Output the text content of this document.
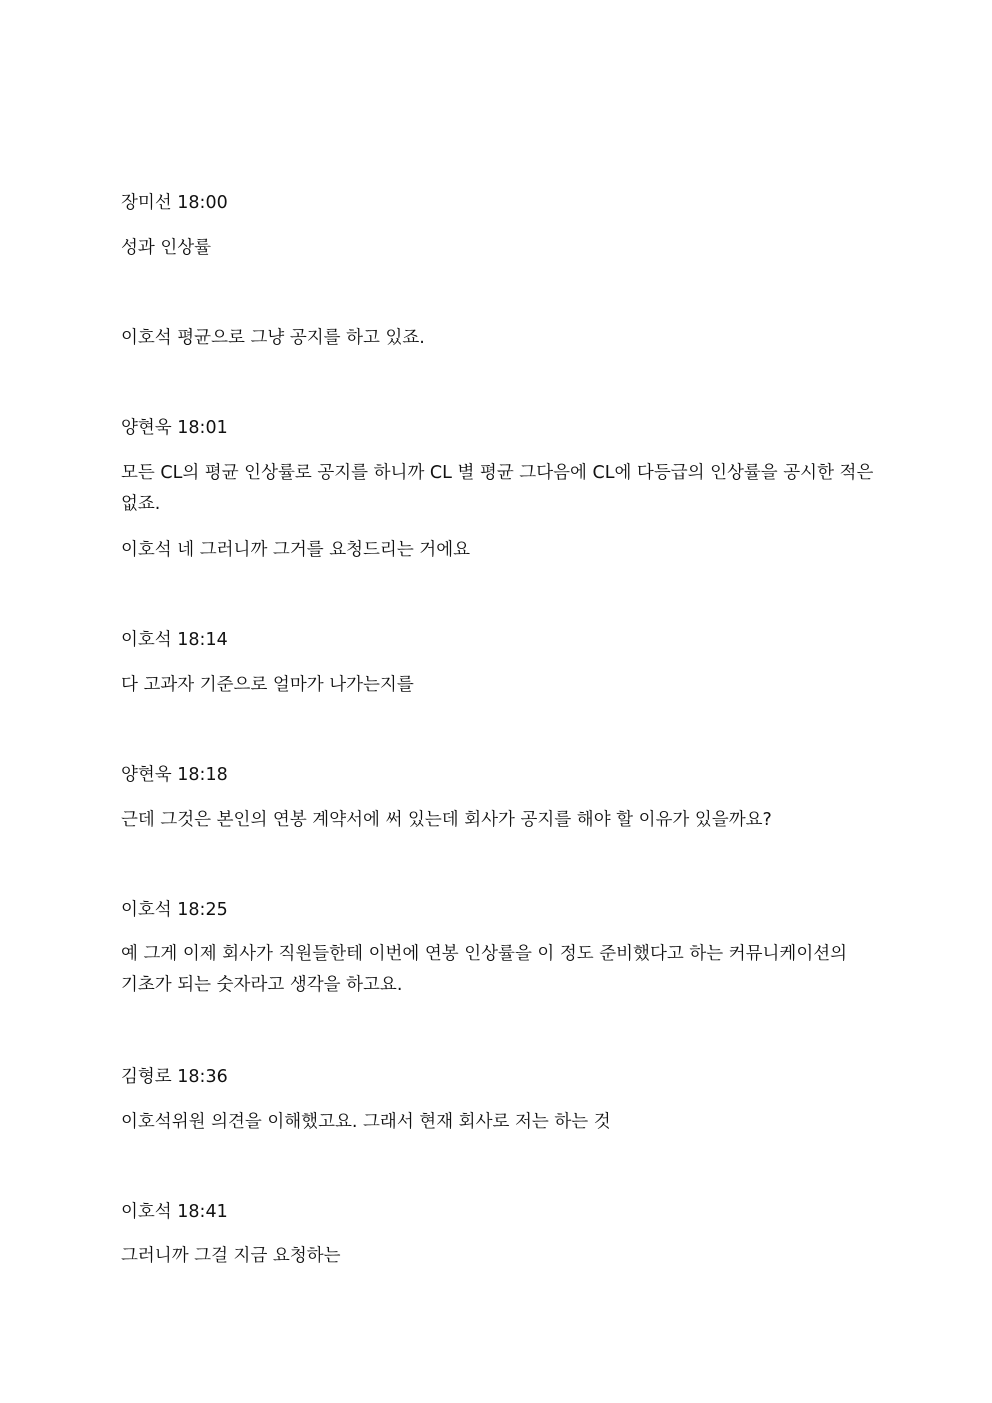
장미선 18:00
성과 인상률
이호석 평균으로 그냥 공지를 하고 있죠.
양현욱 18:01
모든 CL의 평균 인상률로 공지를 하니까 CL 별 평균 그다음에 CL에 다등급의 인상률을 공시한 적은 없죠.
이호석 네 그러니까 그거를 요청드리는 거에요
이호석 18:14
다 고과자 기준으로 얼마가 나가는지를
양현욱 18:18
근데 그것은 본인의 연봉 계약서에 써 있는데 회사가 공지를 해야 할 이유가 있을까요?
이호석 18:25
예 그게 이제 회사가 직원들한테 이번에 연봉 인상률을 이 정도 준비했다고 하는 커뮤니케이션의 기초가 되는 숫자라고 생각을 하고요.
김형로 18:36
이호석위원 의견을 이해했고요. 그래서 현재 회사로 저는 하는 것
이호석 18:41
그러니까 그걸 지금 요청하는
